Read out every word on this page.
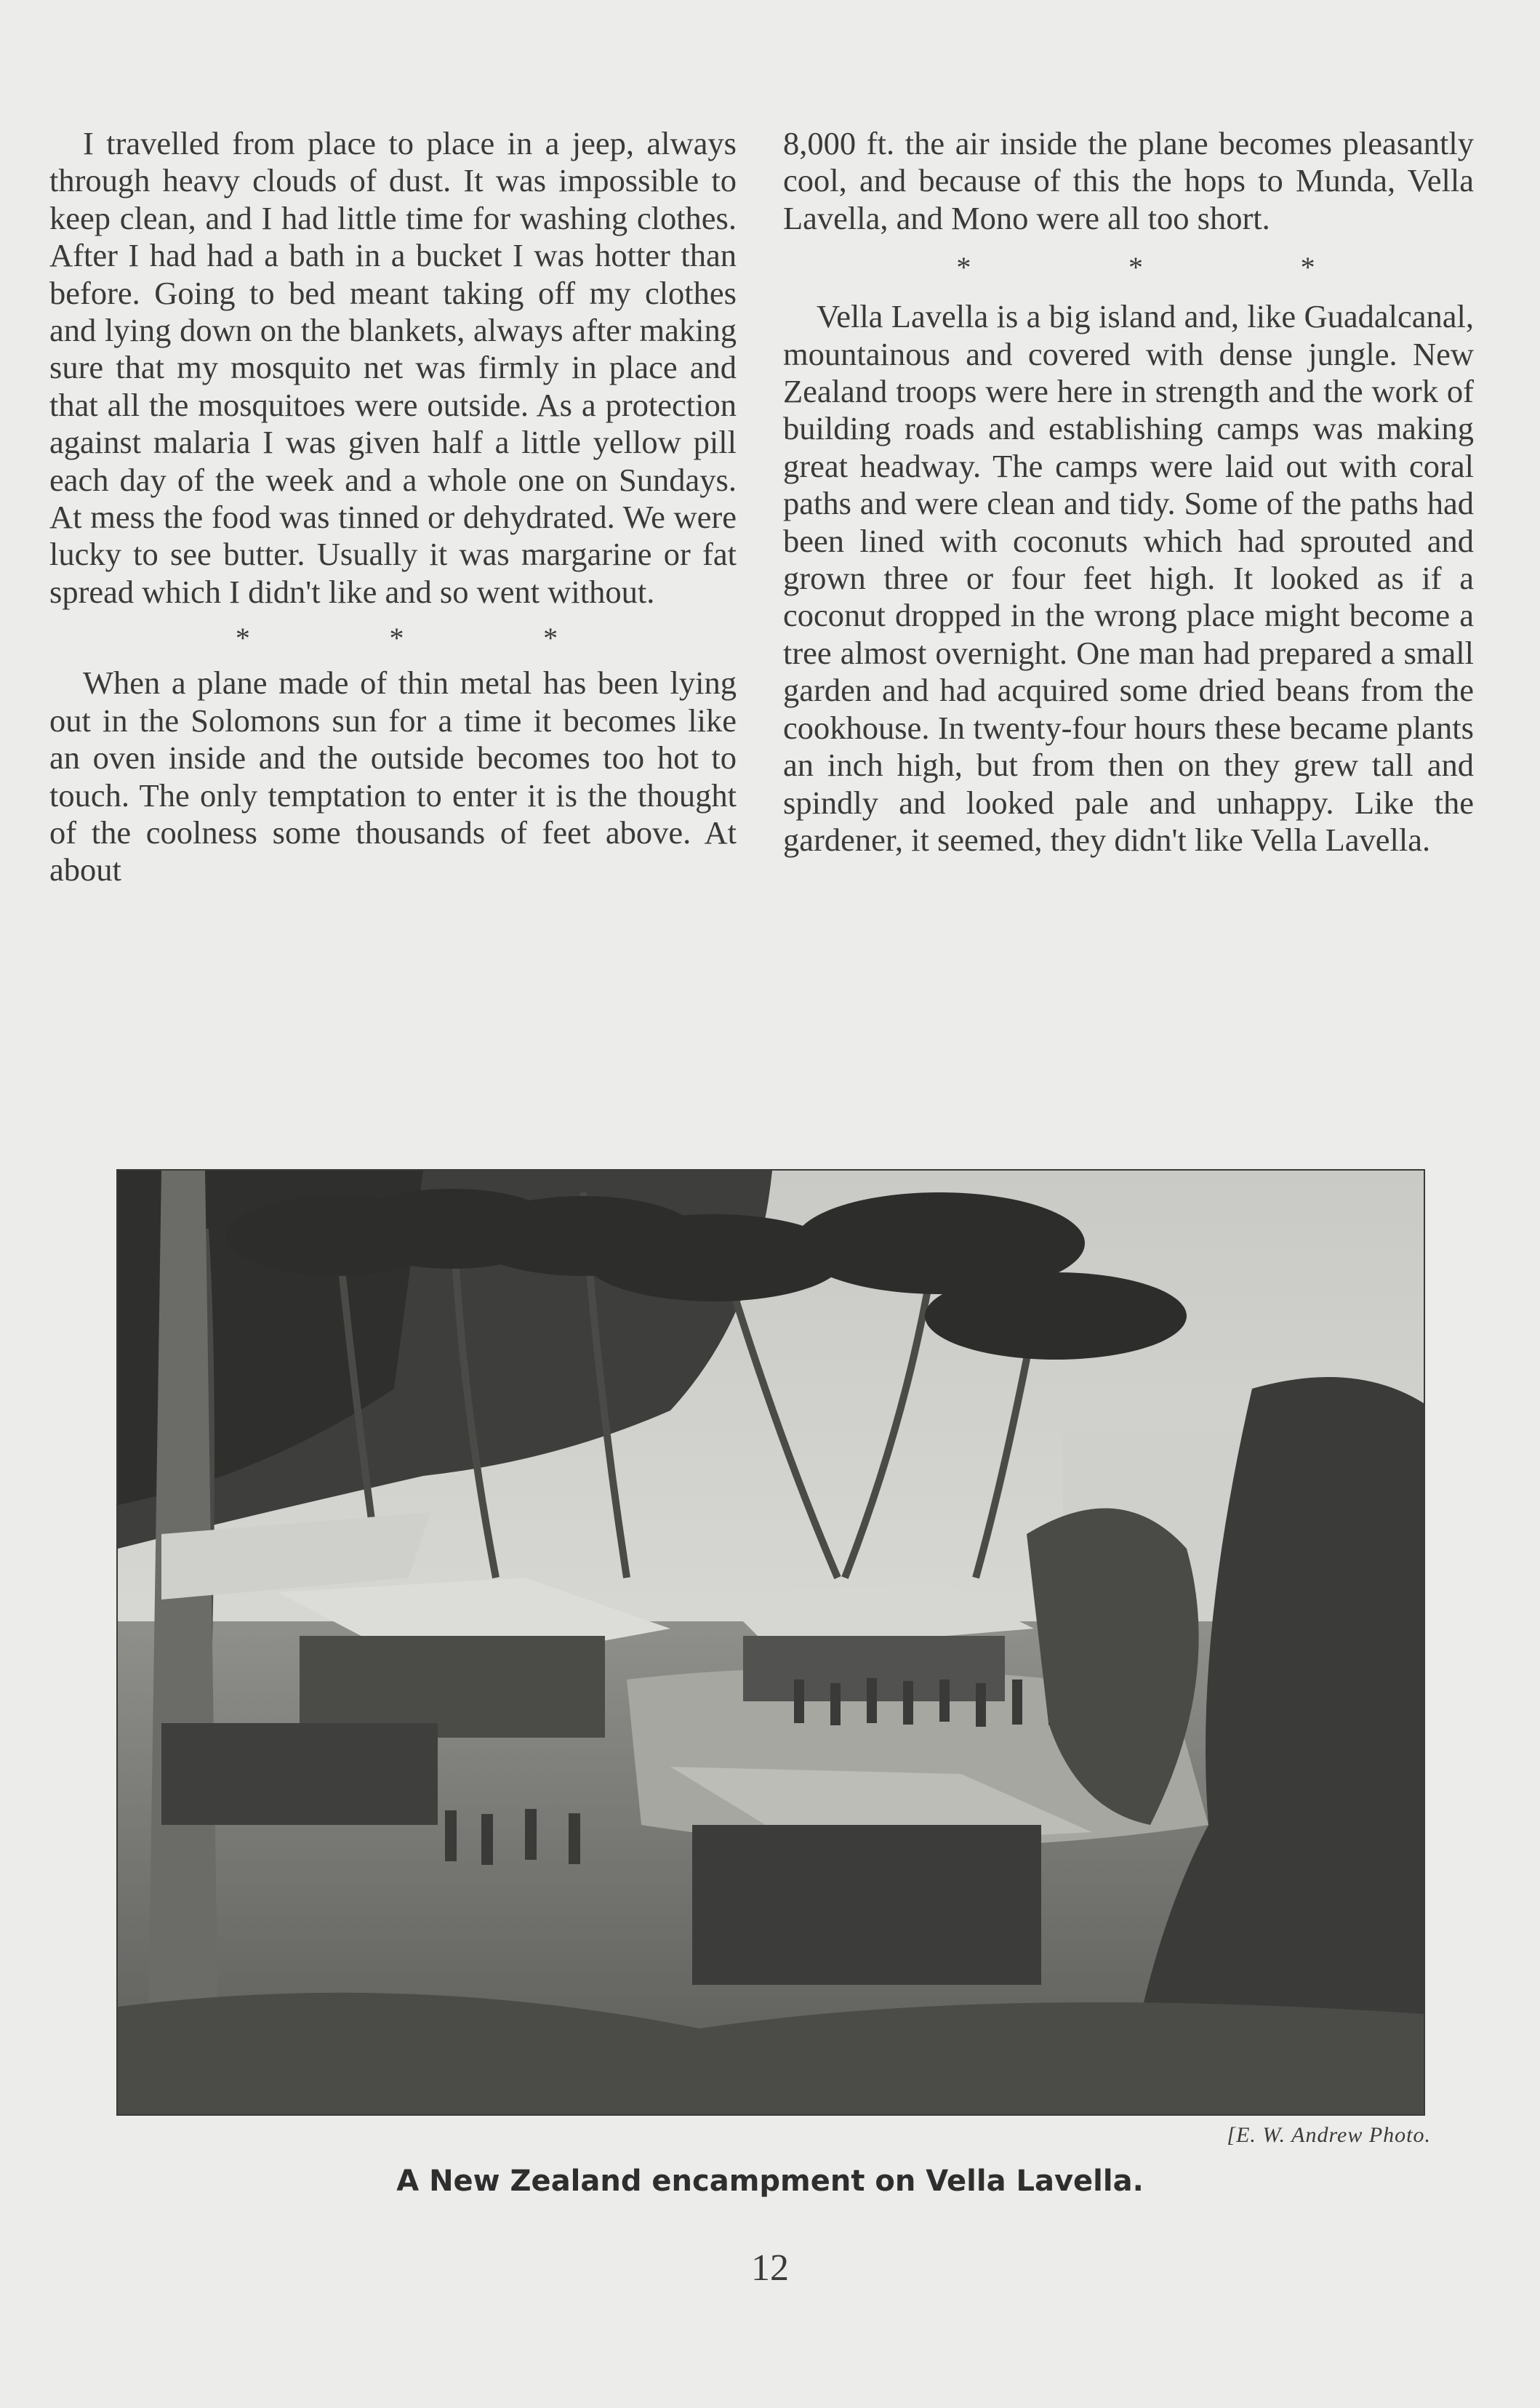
I travelled from place to place in a jeep, always through heavy clouds of dust. It was impossible to keep clean, and I had little time for washing clothes. After I had had a bath in a bucket I was hotter than before. Going to bed meant taking off my clothes and lying down on the blankets, always after making sure that my mosquito net was firmly in place and that all the mosquitoes were outside. As a protection against malaria I was given half a little yellow pill each day of the week and a whole one on Sundays. At mess the food was tinned or dehydrated. We were lucky to see butter. Usually it was margarine or fat spread which I didn't like and so went without.

*	*	*

When a plane made of thin metal has been lying out in the Solomons sun for a time it becomes like an oven inside and the outside becomes too hot to touch. The only temptation to enter it is the thought of the coolness some thousands of feet above. At about

8,000 ft. the air inside the plane becomes pleasantly cool, and because of this the hops to Munda, Vella Lavella, and Mono were all too short.

*	*	*

Vella Lavella is a big island and, like Guadalcanal, mountainous and covered with dense jungle. New Zealand troops were here in strength and the work of building roads and establishing camps was making great headway. The camps were laid out with coral paths and were clean and tidy. Some of the paths had been lined with coconuts which had sprouted and grown three or four feet high. It looked as if a coconut dropped in the wrong place might become a tree almost overnight. One man had prepared a small garden and had acquired some dried beans from the cookhouse. In twenty-four hours these became plants an inch high, but from then on they grew tall and spindly and looked pale and unhappy. Like the gardener, it seemed, they didn't like Vella Lavella.

[E. W. Andrew Photo.
A New Zealand encampment on Vella Lavella.
12
